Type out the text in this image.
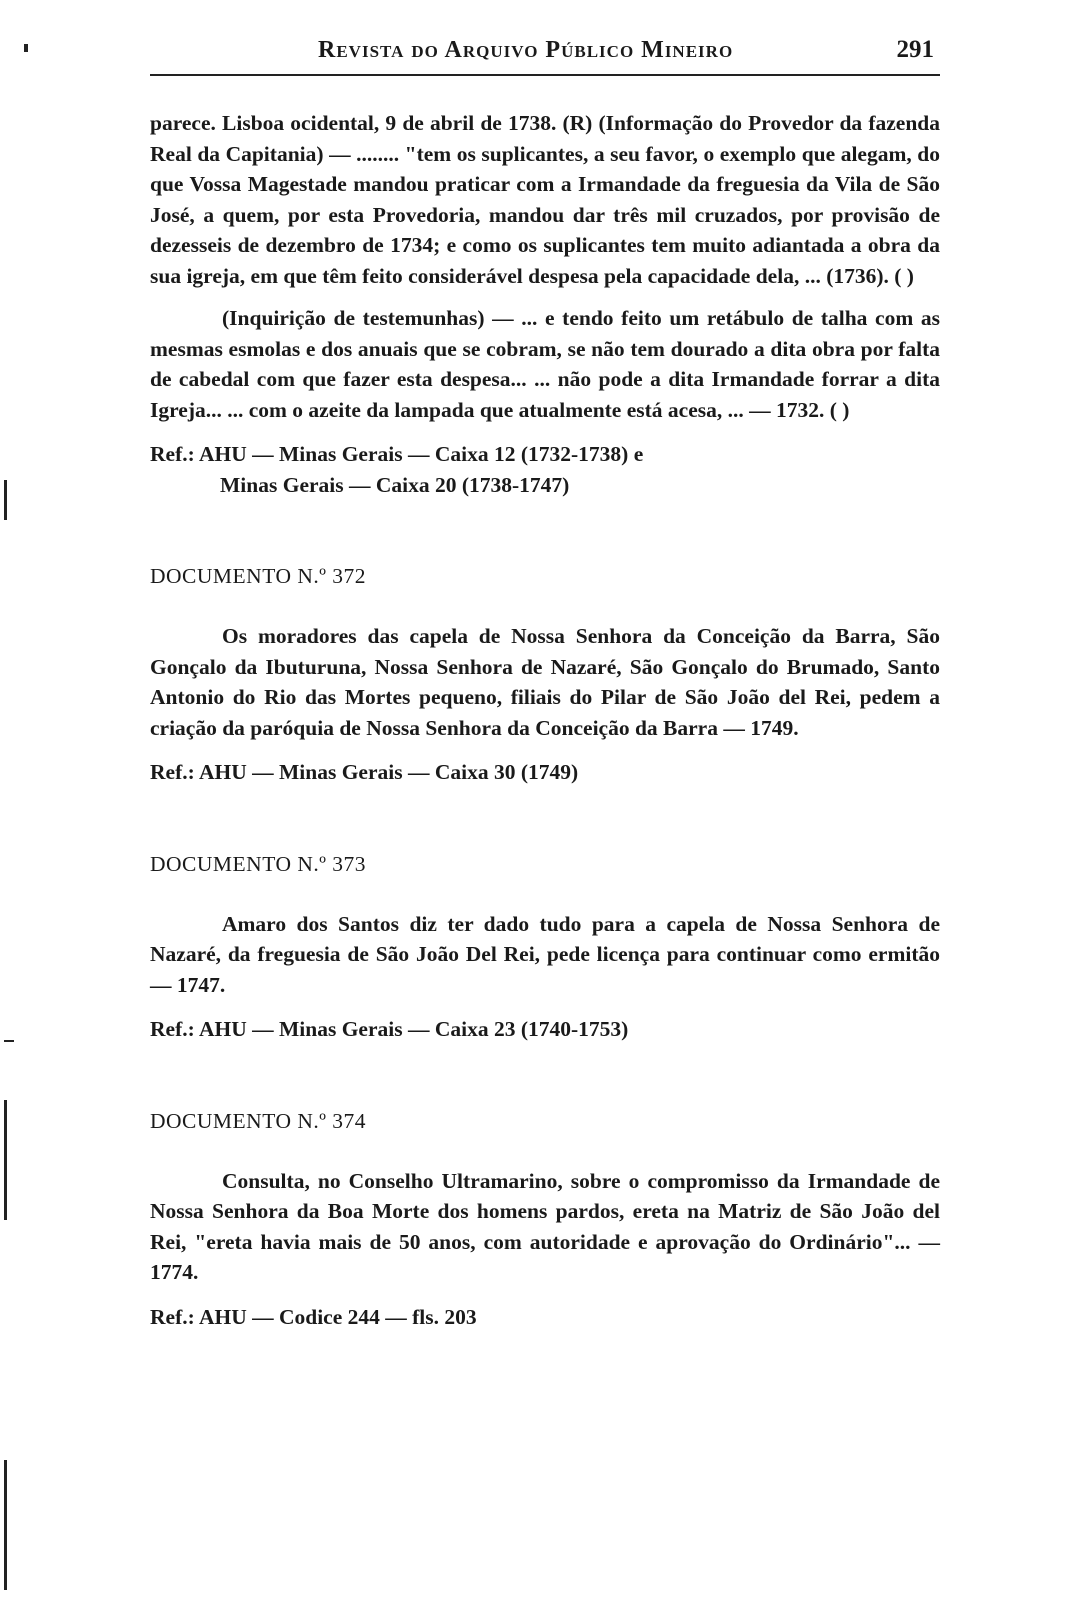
Revista do Arquivo Público Mineiro	291

parece. Lisboa ocidental, 9 de abril de 1738. (R) (Informação do Provedor da fazenda Real da Capitania) — ........ "tem os suplicantes, a seu favor, o exemplo que alegam, do que Vossa Magestade mandou praticar com a Irmandade da freguesia da Vila de São José, a quem, por esta Provedoria, mandou dar três mil cruzados, por provisão de dezesseis de dezembro de 1734; e como os suplicantes tem muito adiantada a obra da sua igreja, em que têm feito considerável despesa pela capacidade dela, ... (1736). ( )

(Inquirição de testemunhas) — ... e tendo feito um retábulo de talha com as mesmas esmolas e dos anuais que se cobram, se não tem dourado a dita obra por falta de cabedal com que fazer esta despesa... ... não pode a dita Irmandade forrar a dita Igreja... ... com o azeite da lampada que atualmente está acesa, ... — 1732. ( )

Ref.: AHU — Minas Gerais — Caixa 12 (1732-1738) e

Minas Gerais — Caixa 20 (1738-1747)

DOCUMENTO N.º 372

Os moradores das capela de Nossa Senhora da Conceição da Barra, São Gonçalo da Ibuturuna, Nossa Senhora de Nazaré, São Gonçalo do Brumado, Santo Antonio do Rio das Mortes pequeno, filiais do Pilar de São João del Rei, pedem a criação da paróquia de Nossa Senhora da Conceição da Barra — 1749.

Ref.: AHU — Minas Gerais — Caixa 30 (1749)

DOCUMENTO N.º 373

Amaro dos Santos diz ter dado tudo para a capela de Nossa Senhora de Nazaré, da freguesia de São João Del Rei, pede licença para continuar como ermitão — 1747.

Ref.: AHU — Minas Gerais — Caixa 23 (1740-1753)

DOCUMENTO N.º 374

Consulta, no Conselho Ultramarino, sobre o compromisso da Irmandade de Nossa Senhora da Boa Morte dos homens pardos, ereta na Matriz de São João del Rei, "ereta havia mais de 50 anos, com autoridade e aprovação do Ordinário"... — 1774.

Ref.: AHU — Codice 244 — fls. 203
